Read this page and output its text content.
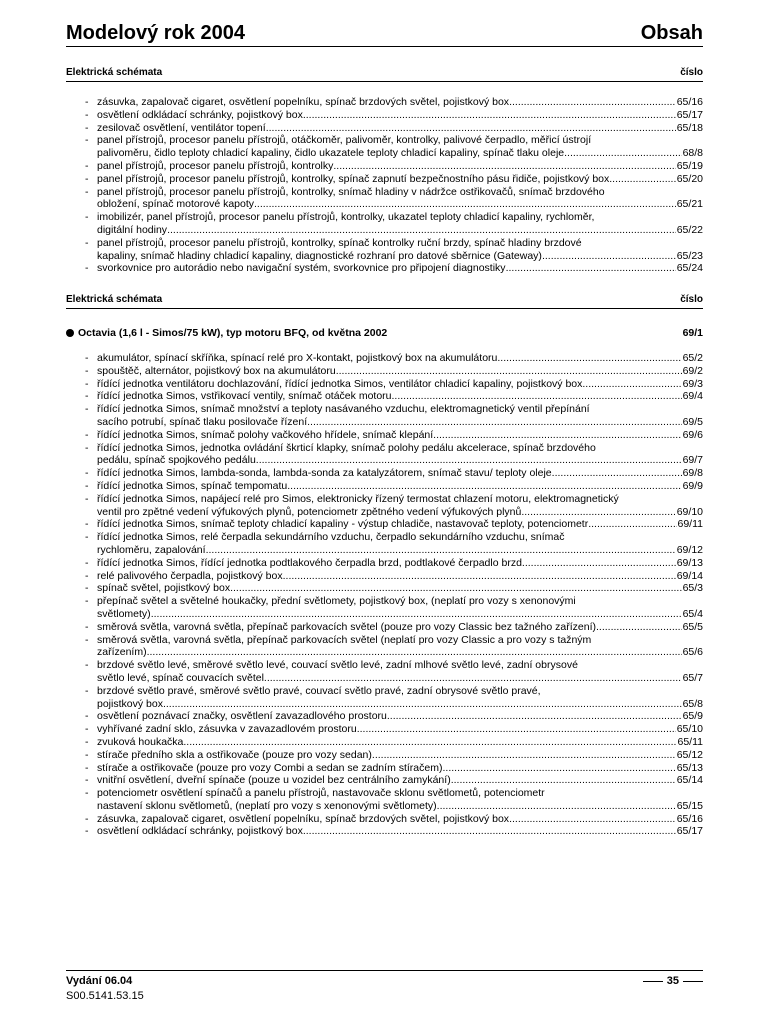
Modelový rok 2004	Obsah
Elektrická schémata	číslo
- zásuvka, zapalovač cigaret, osvětlení popelníku, spínač brzdových světel, pojistkový box .....	65/16
- osvětlení odkládací schránky, pojistkový box .....	65/17
- zesilovač osvětlení, ventilátor topení .....	65/18
- panel přístrojů, procesor panelu přístrojů, otáčkoměr, palivoměr, kontrolky, palivové čerpadlo, měřicí ústrojí
palivoměru, čidlo teploty chladicí kapaliny, čidlo ukazatele teploty chladicí kapaliny, spínač tlaku oleje .....	68/8
- panel přístrojů, procesor panelu přístrojů, kontrolky .....	65/19
- panel přístrojů, procesor panelu přístrojů, kontrolky, spínač zapnutí bezpečnostního pásu řidiče, pojistkový box .....	65/20
- panel přístrojů, procesor panelu přístrojů, kontrolky, snímač hladiny v nádržce ostřikovačů, snímač brzdového
obložení, spínač motorové kapoty .....	65/21
- imobilizér, panel přístrojů, procesor panelu přístrojů, kontrolky, ukazatel teploty chladicí kapaliny, rychloměr,
digitální hodiny .....	65/22
- panel přístrojů, procesor panelu přístrojů, kontrolky, spínač kontrolky ruční brzdy, spínač hladiny brzdové
kapaliny, snímač hladiny chladicí kapaliny, diagnostické rozhraní pro datové sběrnice (Gateway) .....	65/23
- svorkovnice pro autorádio nebo navigační systém, svorkovnice pro připojení diagnostiky .....	65/24
Elektrická schémata	číslo
Octavia (1,6 l - Simos/75 kW), typ motoru BFQ, od května 2002	69/1
- akumulátor, spínací skříňka, spínací relé pro X-kontakt, pojistkový box na akumulátoru .....	65/2
- spouštěč, alternátor, pojistkový box na akumulátoru .....	69/2
- řídící jednotka ventilátoru dochlazování, řídící jednotka Simos, ventilátor chladicí kapaliny, pojistkový box .....	69/3
- řídící jednotka Simos, vstřikovací ventily, snímač otáček motoru .....	69/4
- řídící jednotka Simos, snímač množství a teploty nasávaného vzduchu, elektromagnetický ventil přepínání
sacího potrubí, spínač tlaku posilovače řízení .....	69/5
- řídící jednotka Simos, snímač polohy vačkového hřídele, snímač klepání .....	69/6
- řídící jednotka Simos, jednotka ovládání škrticí klapky, snímač polohy pedálu akcelerace, spínač brzdového
pedálu, spínač spojkového pedálu .....	69/7
- řídící jednotka Simos, lambda-sonda, lambda-sonda za katalyzátorem, snímač stavu/ teploty oleje .....	69/8
- řídící jednotka Simos, spínač tempomatu .....	69/9
- řídící jednotka Simos, napájecí relé pro Simos, elektronicky řízený termostat chlazení motoru, elektromagnetický
ventil pro zpětné vedení výfukových plynů, potenciometr zpětného vedení výfukových plynů .....	69/10
- řídící jednotka Simos, snímač teploty chladicí kapaliny - výstup chladiče, nastavovač teploty, potenciometr .....	69/11
- řídící jednotka Simos, relé čerpadla sekundárního vzduchu, čerpadlo sekundárního vzduchu, snímač
rychloměru, zapalování .....	69/12
- řídící jednotka Simos, řídící jednotka podtlakového čerpadla brzd, podtlakové čerpadlo brzd .....	69/13
- relé palivového čerpadla, pojistkový box .....	69/14
- spínač světel, pojistkový box .....	65/3
- přepínač světel a světelné houkačky, přední světlomety, pojistkový box, (neplatí pro vozy s xenonovými
světlomety) .....	65/4
- směrová světla, varovná světla, přepínač parkovacích světel (pouze pro vozy Classic bez tažného zařízení) .....	65/5
- směrová světla, varovná světla, přepínač parkovacích světel (neplatí pro vozy Classic a pro vozy s tažným
zařízením) .....	65/6
- brzdové světlo levé, směrové světlo levé, couvací světlo levé, zadní mlhové světlo levé, zadní obrysové
světlo levé, spínač couvacích světel .....	65/7
- brzdové světlo pravé, směrové světlo pravé, couvací světlo pravé, zadní obrysové světlo pravé,
pojistkový box .....	65/8
- osvětlení poznávací značky, osvětlení zavazadlového prostoru .....	65/9
- vyhřívané zadní sklo, zásuvka v zavazadlovém prostoru .....	65/10
- zvuková houkačka .....	65/11
- stírače předního skla a ostřikovače (pouze pro vozy sedan) .....	65/12
- stírače a ostřikovače (pouze pro vozy Combi a sedan se zadním stíračem) .....	65/13
- vnitřní osvětlení, dveřní spínače (pouze u vozidel bez centrálního zamykání) .....	65/14
- potenciometr osvětlení spínačů a panelu přístrojů, nastavovače sklonu světlometů, potenciometr
nastavení sklonu světlometů, (neplatí pro vozy s xenonovými světlomety) .....	65/15
- zásuvka, zapalovač cigaret, osvětlení popelníku, spínač brzdových světel, pojistkový box .....	65/16
- osvětlení odkládací schránky, pojistkový box .....	65/17
Vydání 06.04
S00.5141.53.15
35
